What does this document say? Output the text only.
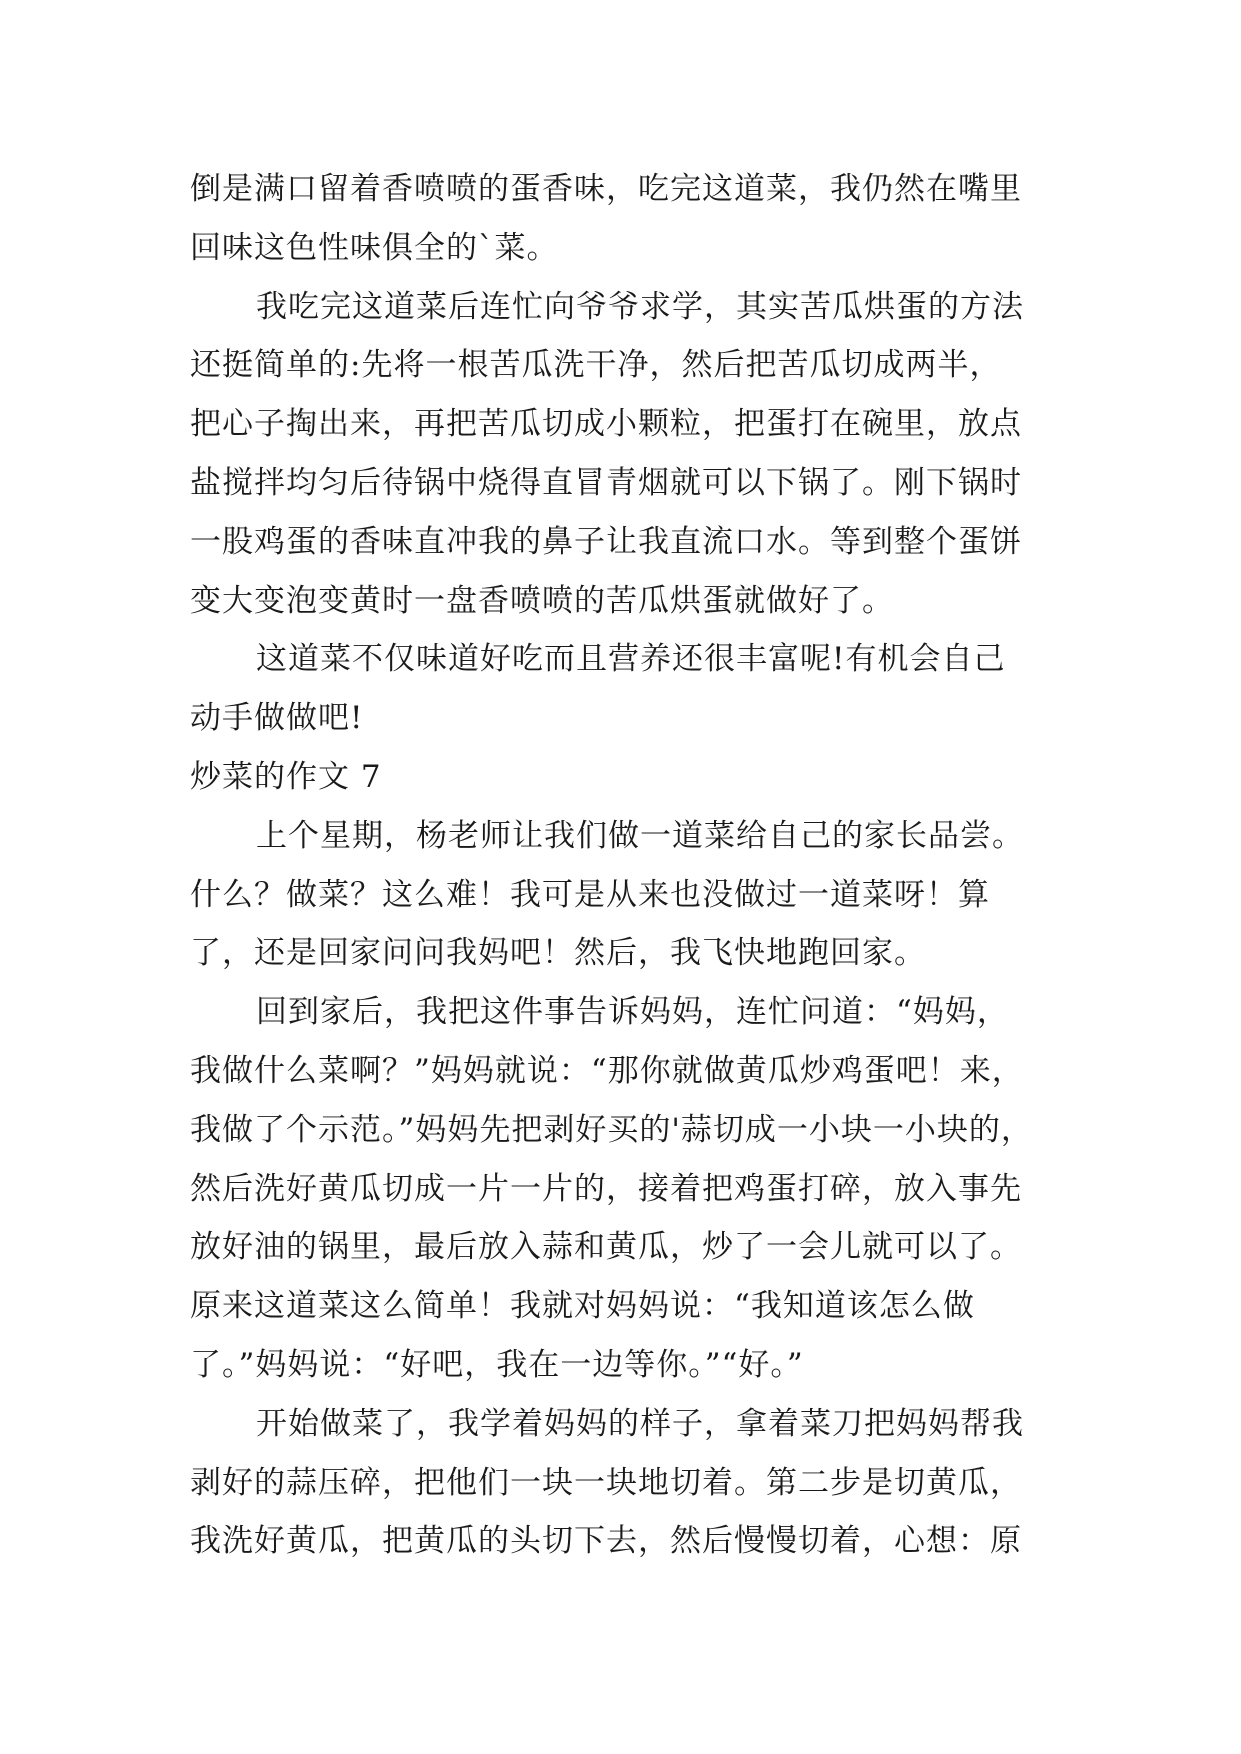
倒是满口留着香喷喷的蛋香味，吃完这道菜，我仍然在嘴里
回味这色性味俱全的`菜。
我吃完这道菜后连忙向爷爷求学，其实苦瓜烘蛋的方法
还挺简单的:先将一根苦瓜洗干净，然后把苦瓜切成两半，
把心子掏出来，再把苦瓜切成小颗粒，把蛋打在碗里，放点
盐搅拌均匀后待锅中烧得直冒青烟就可以下锅了。刚下锅时
一股鸡蛋的香味直冲我的鼻子让我直流口水。等到整个蛋饼
变大变泡变黄时一盘香喷喷的苦瓜烘蛋就做好了。
这道菜不仅味道好吃而且营养还很丰富呢!有机会自己
动手做做吧!
炒菜的作文 7
上个星期，杨老师让我们做一道菜给自己的家长品尝。
什么？做菜？这么难！我可是从来也没做过一道菜呀！算
了，还是回家问问我妈吧！然后，我飞快地跑回家。
回到家后，我把这件事告诉妈妈，连忙问道：“妈妈，
我做什么菜啊？”妈妈就说：“那你就做黄瓜炒鸡蛋吧！来，
我做了个示范。”妈妈先把剥好买的'蒜切成一小块一小块的，
然后洗好黄瓜切成一片一片的，接着把鸡蛋打碎，放入事先
放好油的锅里，最后放入蒜和黄瓜，炒了一会儿就可以了。
原来这道菜这么简单！我就对妈妈说：“我知道该怎么做
了。”妈妈说：“好吧，我在一边等你。”“好。”
开始做菜了，我学着妈妈的样子，拿着菜刀把妈妈帮我
剥好的蒜压碎，把他们一块一块地切着。第二步是切黄瓜，
我洗好黄瓜，把黄瓜的头切下去，然后慢慢切着，心想：原
